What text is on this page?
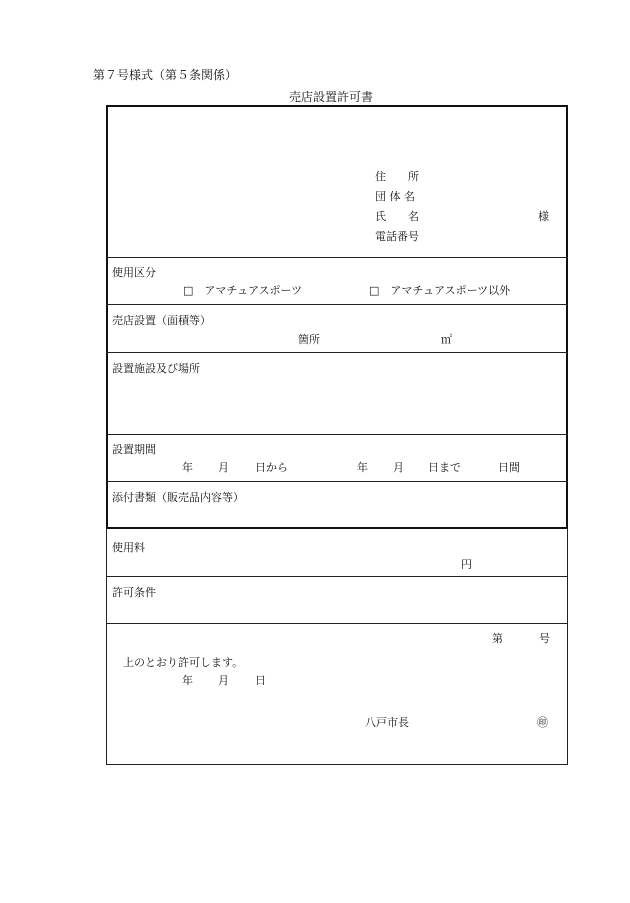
第７号様式（第５条関係）
売店設置許可書
住　　所
団 体 名
氏　　名	様
電話番号
使用区分
□　アマチュアスポーツ	□　アマチュアスポーツ以外
売店設置（面積等）
箇所	㎡
設置施設及び場所
設置期間
年 月 日から	年 月 日まで	日間
添付書類（販売品内容等）
使用料
円
許可条件
第	号
上のとおり許可します。
年 月 日
八戸市長	㊞
